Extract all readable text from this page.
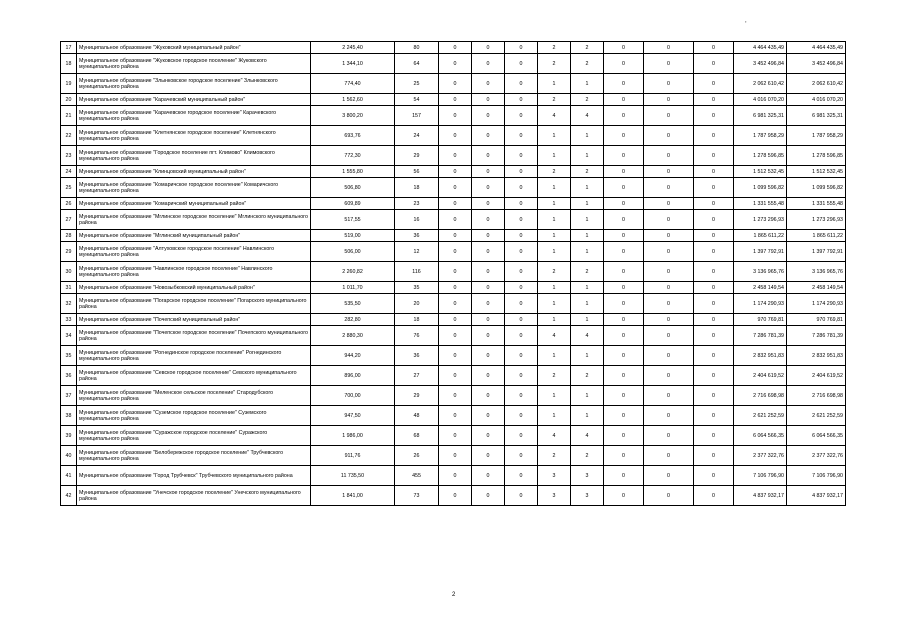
,
17	Муниципальное образование "Жуковский муниципальный район"	2 245,40	80	0	0	0	2	2	0	0	0	4 464 435,49	4 464 435,49
18	Муниципальное образование "Жуковское городское поселение" Жуковского муниципального района	1 344,10	64	0	0	0	2	2	0	0	0	3 452 496,84	3 452 496,84
19	Муниципальное образование "Злынковское городское поселение" Злынковского муниципального района	774,40	25	0	0	0	1	1	0	0	0	2 062 610,42	2 062 610,42
20	Муниципальное образование "Карачевский муниципальный район"	1 562,60	54	0	0	0	2	2	0	0	0	4 016 070,20	4 016 070,20
21	Муниципальное образование "Карачевское городское поселение" Карачевского муниципального района	3 800,20	157	0	0	0	4	4	0	0	0	6 981 325,31	6 981 325,31
22	Муниципальное образование "Клетнянское городское поселение" Клетнянского муниципального района	693,76	24	0	0	0	1	1	0	0	0	1 787 958,29	1 787 958,29
23	Муниципальное образование "Городское поселение пгт. Климово" Климовского муниципального района	772,30	29	0	0	0	1	1	0	0	0	1 278 596,85	1 278 596,85
24	Муниципальное образование "Клинцовский муниципальный район"	1 555,80	56	0	0	0	2	2	0	0	0	1 512 532,45	1 512 532,45
25	Муниципальное образование "Комаричское городское поселение" Комаричского муниципального района	506,80	18	0	0	0	1	1	0	0	0	1 099 596,82	1 099 596,82
26	Муниципальное образование "Комаричский муниципальный район"	609,89	23	0	0	0	1	1	0	0	0	1 331 555,48	1 331 555,48
27	Муниципальное образование "Мглинское городское поселение" Мглинского муниципального района	517,55	16	0	0	0	1	1	0	0	0	1 273 296,93	1 273 296,93
28	Муниципальное образование "Мглинский муниципальный район"	519,00	36	0	0	0	1	1	0	0	0	1 865 611,22	1 865 611,22
29	Муниципальное образование "Алтуховское городское поселение" Навлинского муниципального района	506,00	12	0	0	0	1	1	0	0	0	1 397 792,91	1 397 792,91
30	Муниципальное образование "Навлинское городское поселение" Навлинского муниципального района	2 260,82	116	0	0	0	2	2	0	0	0	3 136 965,76	3 136 965,76
31	Муниципальное образование "Новозыбковский муниципальный район"	1 011,70	35	0	0	0	1	1	0	0	0	2 458 149,54	2 458 149,54
32	Муниципальное образование "Погарское городское поселение" Погарского муниципального района	535,50	20	0	0	0	1	1	0	0	0	1 174 290,93	1 174 290,93
33	Муниципальное образование "Почепский муниципальный район"	282,80	18	0	0	0	1	1	0	0	0	970 769,81	970 769,81
34	Муниципальное образование "Почепское городское поселение" Почепского муниципального района	2 880,30	76	0	0	0	4	4	0	0	0	7 286 781,39	7 286 781,39
35	Муниципальное образование "Рогнединское городское поселение" Рогнединского муниципального района	944,20	36	0	0	0	1	1	0	0	0	2 832 951,83	2 832 951,83
36	Муниципальное образование "Севское городское поселение" Севского муниципального района	896,00	27	0	0	0	2	2	0	0	0	2 404 619,52	2 404 619,52
37	Муниципальное образование "Меленское сельское поселение" Стародубского муниципального района	700,00	29	0	0	0	1	1	0	0	0	2 716 698,98	2 716 698,98
38	Муниципальное образование "Суземское городское поселение" Суземского муниципального района	947,50	48	0	0	0	1	1	0	0	0	2 621 252,59	2 621 252,59
39	Муниципальное образование "Суражское городское поселение" Суражского муниципального района	1 986,00	68	0	0	0	4	4	0	0	0	6 064 566,35	6 064 566,35
40	Муниципальное образование "Белобережское городское поселение" Трубчевского муниципального района	911,76	26	0	0	0	2	2	0	0	0	2 377 322,76	2 377 322,76
41	Муниципальное образование "Город Трубчевск" Трубчевского муниципального района	11 735,50	455	0	0	0	3	3	0	0	0	7 106 796,90	7 106 796,90
42	Муниципальное образование "Унечское городское поселение" Унечского муниципального района	1 841,00	73	0	0	0	3	3	0	0	0	4 837 932,17	4 837 932,17
2
